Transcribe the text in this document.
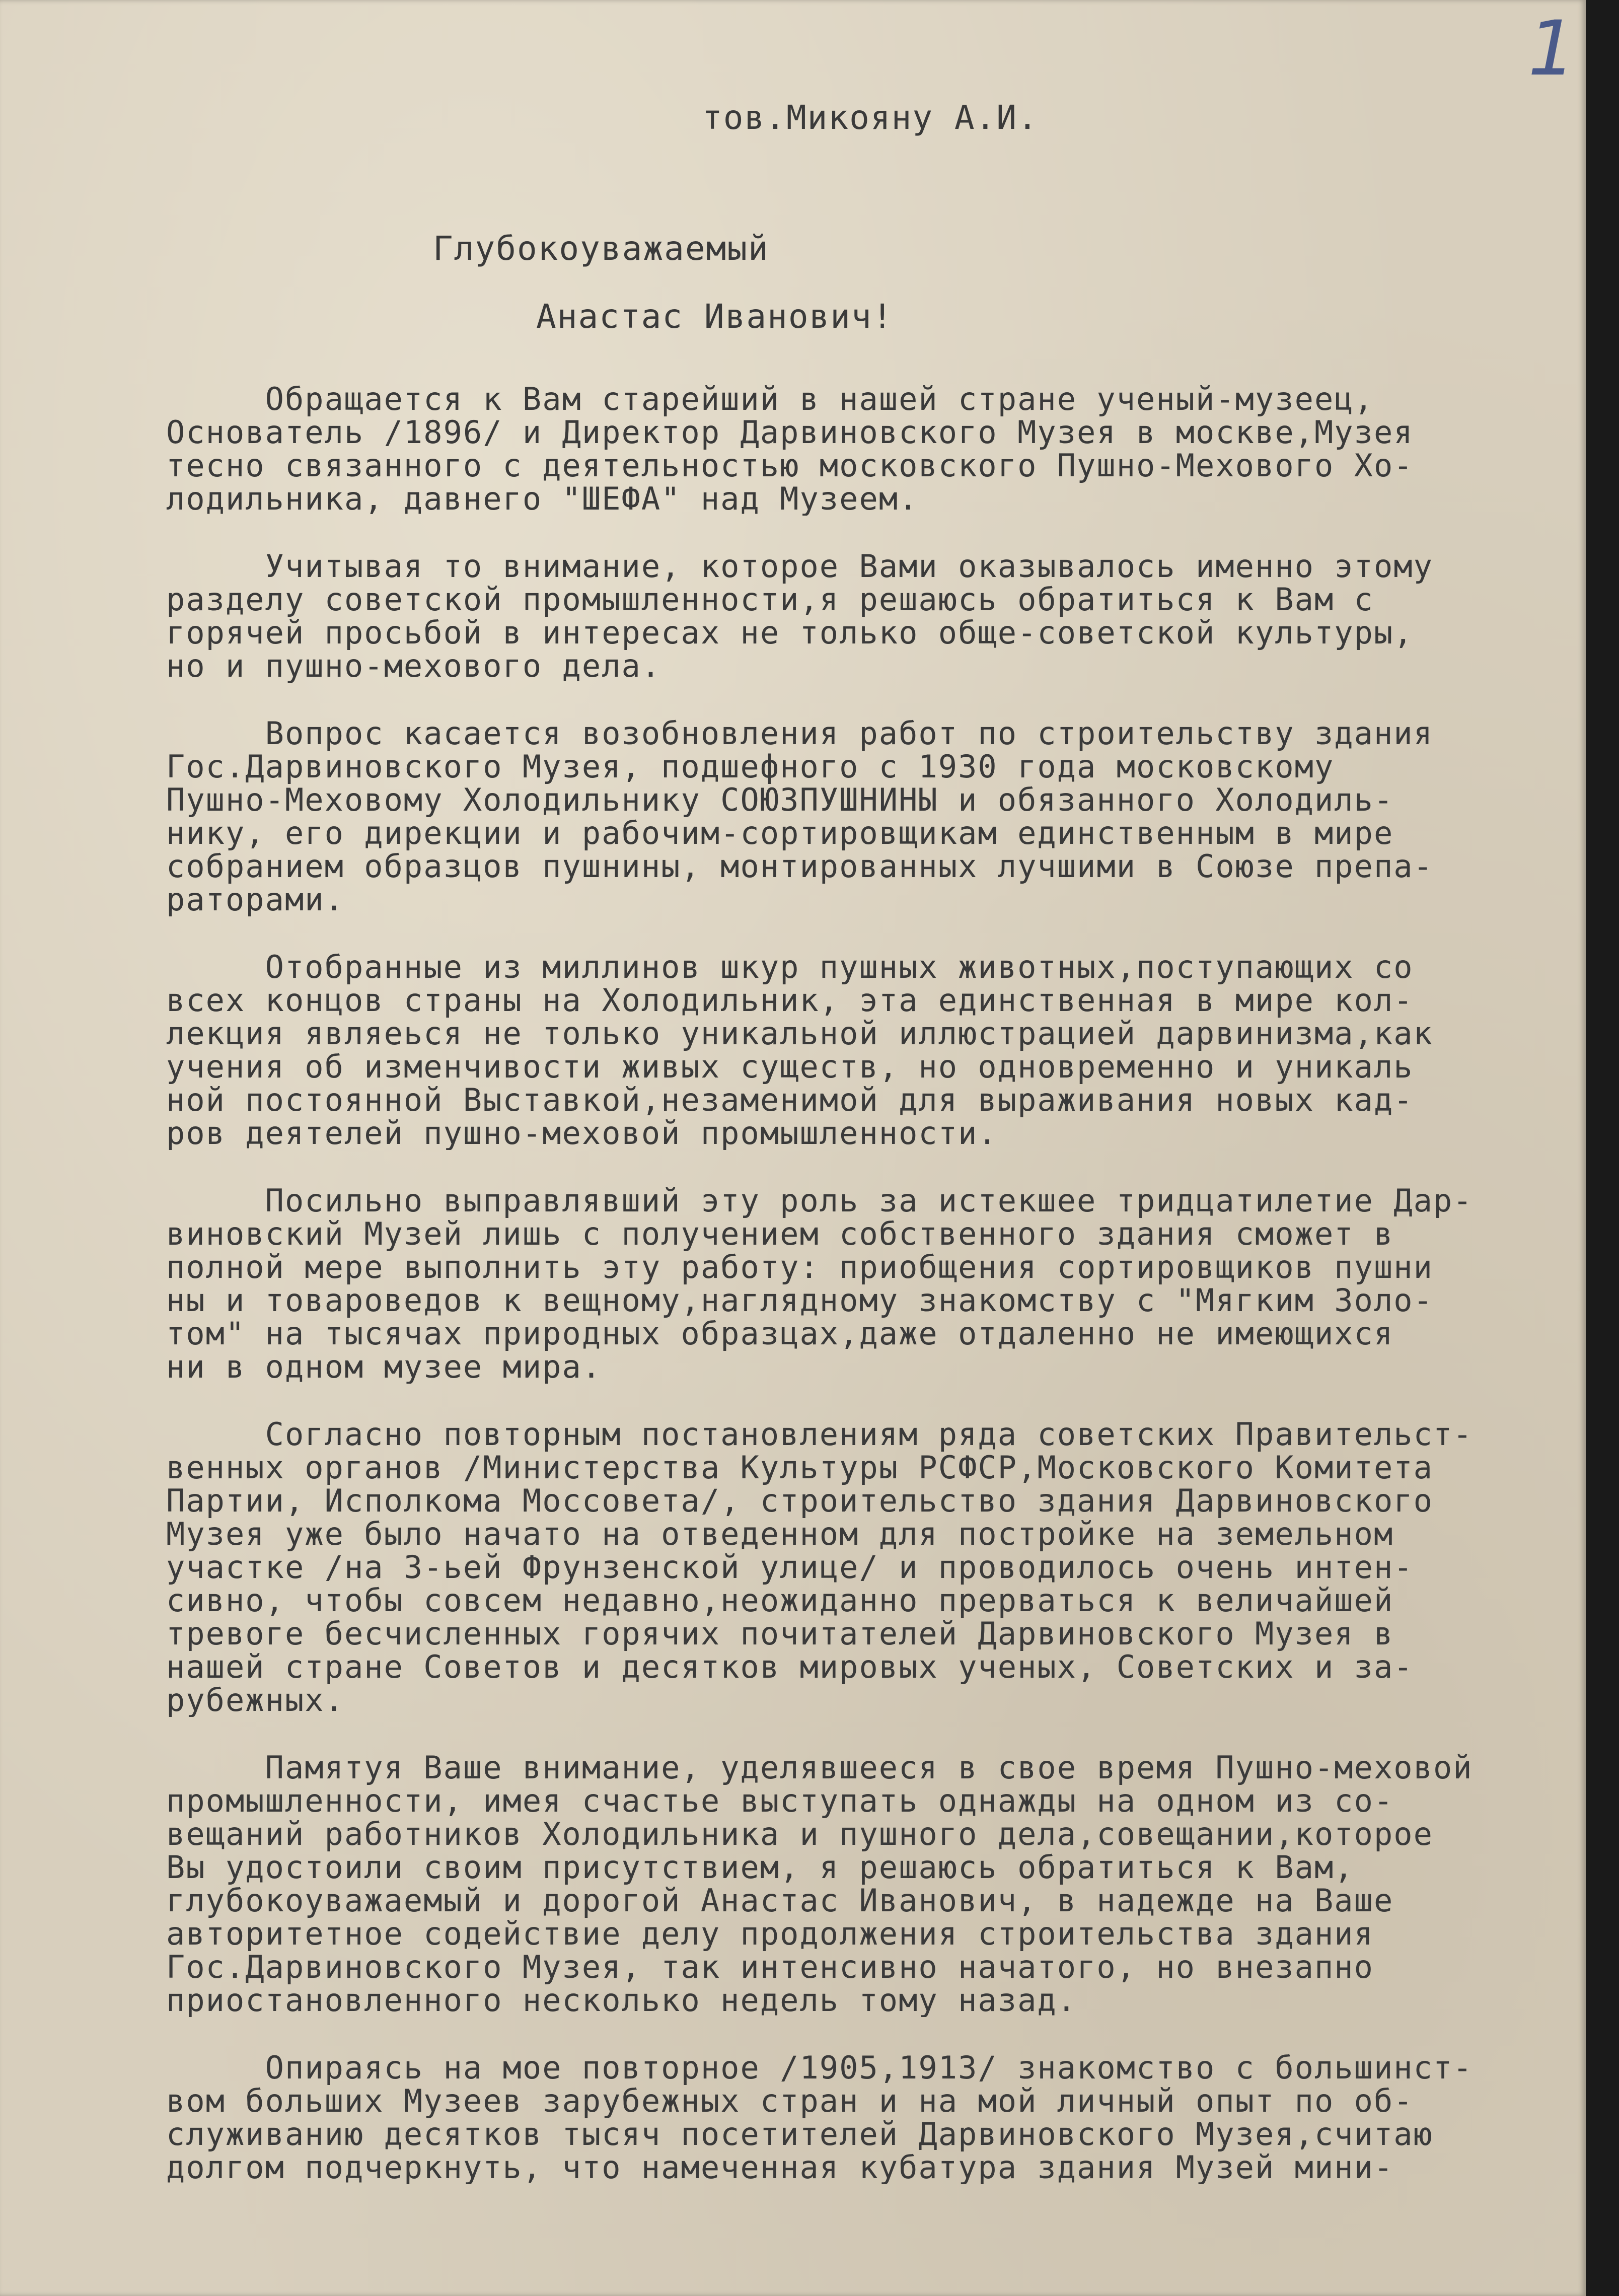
1
тов.Микояну А.И.
Глубокоуважаемый
Анастас Иванович!

Обращается к Вам старейший в нашей стране ученый-музеец,
Основатель /1896/ и Директор Дарвиновского Музея в москве,Музея
тесно связанного с деятельностью московского Пушно-Мехового Хо-
лодильника, давнего "ШЕФА" над Музеем.

Учитывая то внимание, которое Вами оказывалось именно этому
разделу советской промышленности,я решаюсь обратиться к Вам с
горячей просьбой в интересах не только обще-советской культуры,
но и пушно-мехового дела.

Вопрос касается возобновления работ по строительству здания
Гос.Дарвиновского Музея, подшефного с 1930 года московскому
Пушно-Меховому Холодильнику СОЮЗПУШНИНЫ и обязанного Холодиль-
нику, его дирекции и рабочим-сортировщикам единственным в мире
собранием образцов пушнины, монтированных лучшими в Союзе препа-
раторами.

Отобранные из миллинов шкур пушных животных,поступающих со
всех концов страны на Холодильник, эта единственная в мире кол-
лекция являеься не только уникальной иллюстрацией дарвинизма,как
учения об изменчивости живых существ, но одновременно и уникаль
ной постоянной Выставкой,незаменимой для выраживания новых кад-
ров деятелей пушно-меховой промышленности.

Посильно выправлявший эту роль за истекшее тридцатилетие Дар-
виновский Музей лишь с получением собственного здания сможет в
полной мере выполнить эту работу: приобщения сортировщиков пушни
ны и товароведов к вещному,наглядному знакомству с "Мягким Золо-
том" на тысячах природных образцах,даже отдаленно не имеющихся
ни в одном музее мира.

Согласно повторным постановлениям ряда советских Правительст-
венных органов /Министерства Культуры РСФСР,Московского Комитета
Партии, Исполкома Моссовета/, строительство здания Дарвиновского
Музея уже было начато на отведенном для постройке на земельном
участке /на 3-ьей Фрунзенской улице/ и проводилось очень интен-
сивно, чтобы совсем недавно,неожиданно прерваться к величайшей
тревоге бесчисленных горячих почитателей Дарвиновского Музея в
нашей стране Советов и десятков мировых ученых, Советских и за-
рубежных.

Памятуя Ваше внимание, уделявшееся в свое время Пушно-меховой
промышленности, имея счастье выступать однажды на одном из со-
вещаний работников Холодильника и пушного дела,совещании,которое
Вы удостоили своим присутствием, я решаюсь обратиться к Вам,
глубокоуважаемый и дорогой Анастас Иванович, в надежде на Ваше
авторитетное содействие делу продолжения строительства здания
Гос.Дарвиновского Музея, так интенсивно начатого, но внезапно
приостановленного несколько недель тому назад.

Опираясь на мое повторное /1905,1913/ знакомство с большинст-
вом больших Музеев зарубежных стран и на мой личный опыт по об-
служиванию десятков тысяч посетителей Дарвиновского Музея,считаю
долгом подчеркнуть, что намеченная кубатура здания Музей мини-
